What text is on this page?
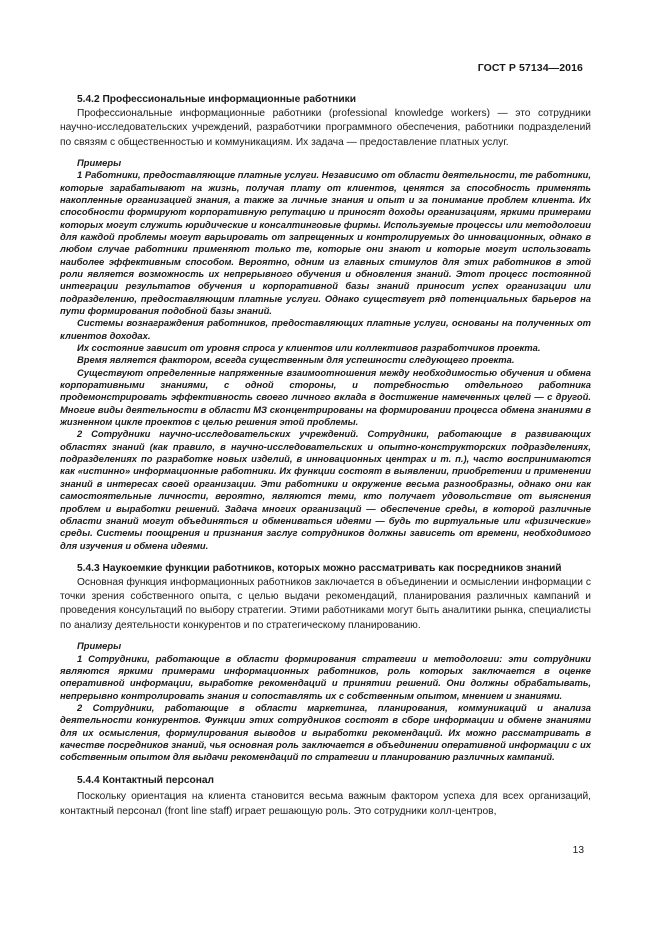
ГОСТ Р 57134—2016

5.4.2 Профессиональные информационные работники

Профессиональные информационные работники (professional knowledge workers) — это сотрудники научно-исследовательских учреждений, разработчики программного обеспечения, работники подразделений по связям с общественностью и коммуникациям. Их задача — предоставление платных услуг.

Примеры

1 Работники, предоставляющие платные услуги. Независимо от области деятельности, те работники, которые зарабатывают на жизнь, получая плату от клиентов, ценятся за способность применять накопленные организацией знания, а также за личные знания и опыт и за понимание проблем клиента. Их способности формируют корпоративную репутацию и приносят доходы организациям, яркими примерами которых могут служить юридические и консалтинговые фирмы. Используемые процессы или методологии для каждой проблемы могут варьировать от запрещенных и контролируемых до инновационных, однако в любом случае работники применяют только те, которые они знают и которые могут использовать наиболее эффективным способом. Вероятно, одним из главных стимулов для этих работников в этой роли является возможность их непрерывного обучения и обновления знаний. Этот процесс постоянной интеграции результатов обучения и корпоративной базы знаний приносит успех организации или подразделению, предоставляющим платные услуги. Однако существует ряд потенциальных барьеров на пути формирования подобной базы знаний.

Системы вознаграждения работников, предоставляющих платные услуги, основаны на полученных от клиентов доходах.

Их состояние зависит от уровня спроса у клиентов или коллективов разработчиков проекта.

Время является фактором, всегда существенным для успешности следующего проекта.

Существуют определенные напряженные взаимоотношения между необходимостью обучения и обмена корпоративными знаниями, с одной стороны, и потребностью отдельного работника продемонстрировать эффективность своего личного вклада в достижение намеченных целей — с другой. Многие виды деятельности в области МЗ сконцентрированы на формировании процесса обмена знаниями в жизненном цикле проектов с целью решения этой проблемы.

2 Сотрудники научно-исследовательских учреждений. Сотрудники, работающие в развивающих областях знаний (как правило, в научно-исследовательских и опытно-конструкторских подразделениях, подразделениях по разработке новых изделий, в инновационных центрах и т. п.), часто воспринимаются как «истинно» информационные работники. Их функции состоят в выявлении, приобретении и применении знаний в интересах своей организации. Эти работники и окружение весьма разнообразны, однако они как самостоятельные личности, вероятно, являются теми, кто получает удовольствие от выяснения проблем и выработки решений. Задача многих организаций — обеспечение среды, в которой различные области знаний могут объединяться и обмениваться идеями — будь то виртуальные или «физические» среды. Системы поощрения и признания заслуг сотрудников должны зависеть от времени, необходимого для изучения и обмена идеями.

5.4.3 Наукоемкие функции работников, которых можно рассматривать как посредников знаний

Основная функция информационных работников заключается в объединении и осмыслении информации с точки зрения собственного опыта, с целью выдачи рекомендаций, планирования различных кампаний и проведения консультаций по выбору стратегии. Этими работниками могут быть аналитики рынка, специалисты по анализу деятельности конкурентов и по стратегическому планированию.

Примеры

1 Сотрудники, работающие в области формирования стратегии и методологии: эти сотрудники являются яркими примерами информационных работников, роль которых заключается в оценке оперативной информации, выработке рекомендаций и принятии решений. Они должны обрабатывать, непрерывно контролировать знания и сопоставлять их с собственным опытом, мнением и знаниями.

2 Сотрудники, работающие в области маркетинга, планирования, коммуникаций и анализа деятельности конкурентов. Функции этих сотрудников состоят в сборе информации и обмене знаниями для их осмысления, формулирования выводов и выработки рекомендаций. Их можно рассматривать в качестве посредников знаний, чья основная роль заключается в объединении оперативной информации с их собственным опытом для выдачи рекомендаций по стратегии и планированию различных кампаний.

5.4.4 Контактный персонал

Поскольку ориентация на клиента становится весьма важным фактором успеха для всех организаций, контактный персонал (front line staff) играет решающую роль. Это сотрудники колл-центров,

13
